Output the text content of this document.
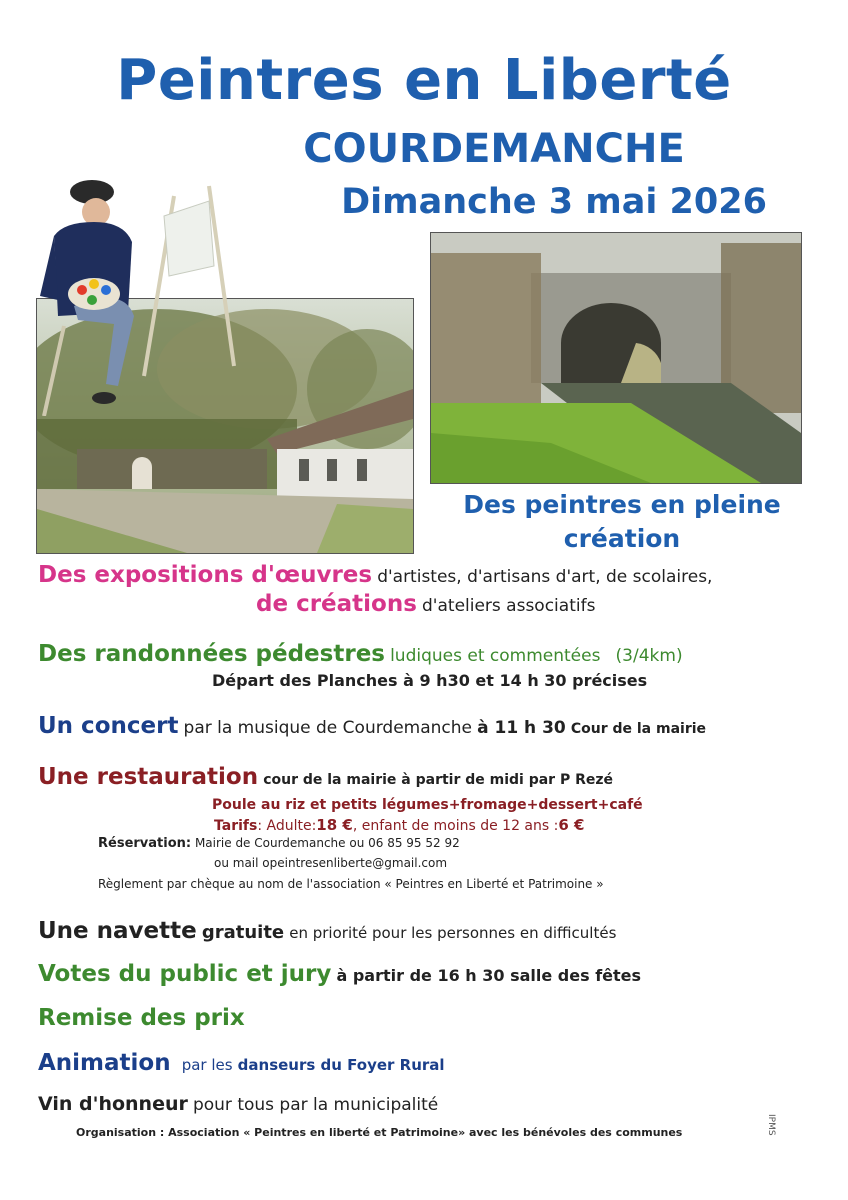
Peintres en Liberté
COURDEMANCHE
Dimanche 3 mai 2026
Des peintres en pleine
création
Des expositions d'œuvres d'artistes, d'artisans d'art, de scolaires,
de créations d'ateliers associatifs
Des randonnées pédestres ludiques et commentées (3/4km)
Départ des Planches à 9 h30 et 14 h 30 précises
Un concert par la musique de Courdemanche à 11 h 30 Cour de la mairie
Une restauration cour de la mairie à partir de midi par P Rezé
Poule au riz et petits légumes+fromage+dessert+café
Tarifs: Adulte:18 €, enfant de moins de 12 ans :6 €
Réservation: Mairie de Courdemanche ou 06 85 95 52 92
ou mail opeintresenliberte@gmail.com
Règlement par chèque au nom de l'association « Peintres en Liberté et Patrimoine »
Une navette gratuite en priorité pour les personnes en difficultés
Votes du public et jury à partir de 16 h 30 salle des fêtes
Remise des prix
Animation par les danseurs du Foyer Rural
Vin d'honneur pour tous par la municipalité
Organisation : Association « Peintres en liberté et Patrimoine» avec les bénévoles des communes	IPMS
